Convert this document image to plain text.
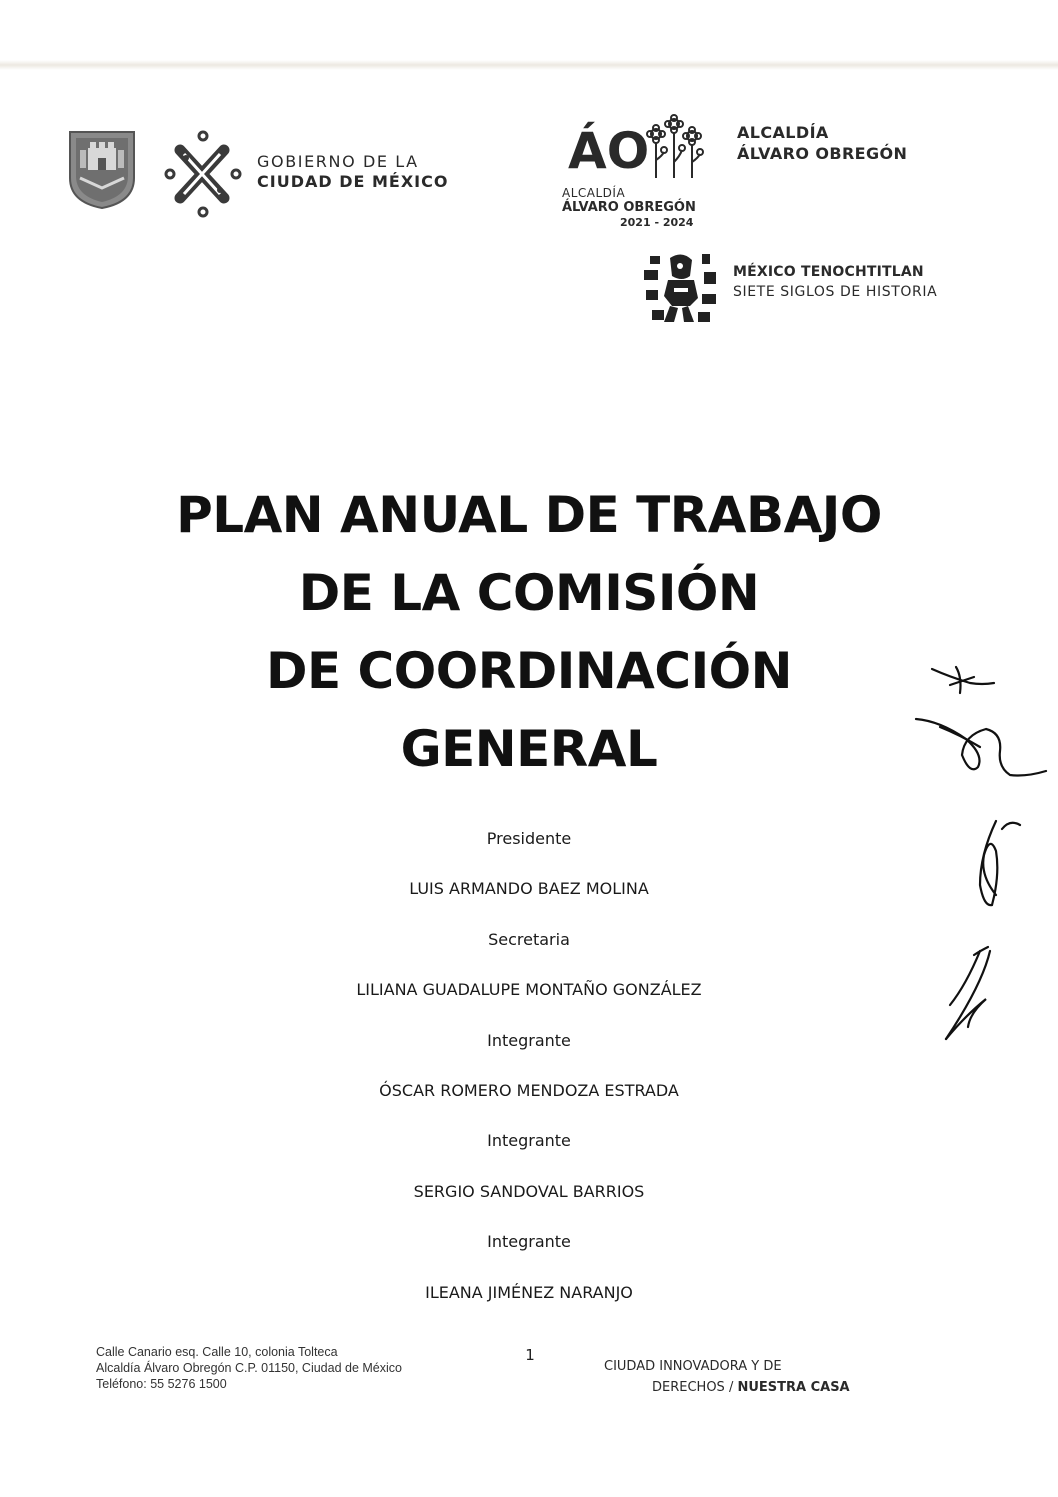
GOBIERNO DE LA
CIUDAD DE MÉXICO
ÁO
ALCALDÍA
ÁLVARO OBREGÓN
2021 - 2024
ALCALDÍA
ÁLVARO OBREGÓN
MÉXICO TENOCHTITLAN
SIETE SIGLOS DE HISTORIA
PLAN ANUAL DE TRABAJO
DE LA COMISIÓN
DE COORDINACIÓN
GENERAL
Presidente
LUIS ARMANDO BAEZ MOLINA
Secretaria
LILIANA GUADALUPE MONTAÑO GONZÁLEZ
Integrante
ÓSCAR ROMERO MENDOZA ESTRADA
Integrante
SERGIO SANDOVAL BARRIOS
Integrante
ILEANA JIMÉNEZ NARANJO
Calle Canario esq. Calle 10, colonia Tolteca
Alcaldía Álvaro Obregón C.P. 01150, Ciudad de México
Teléfono: 55 5276 1500
1
CIUDAD INNOVADORA Y DE
DERECHOS / NUESTRA CASA
